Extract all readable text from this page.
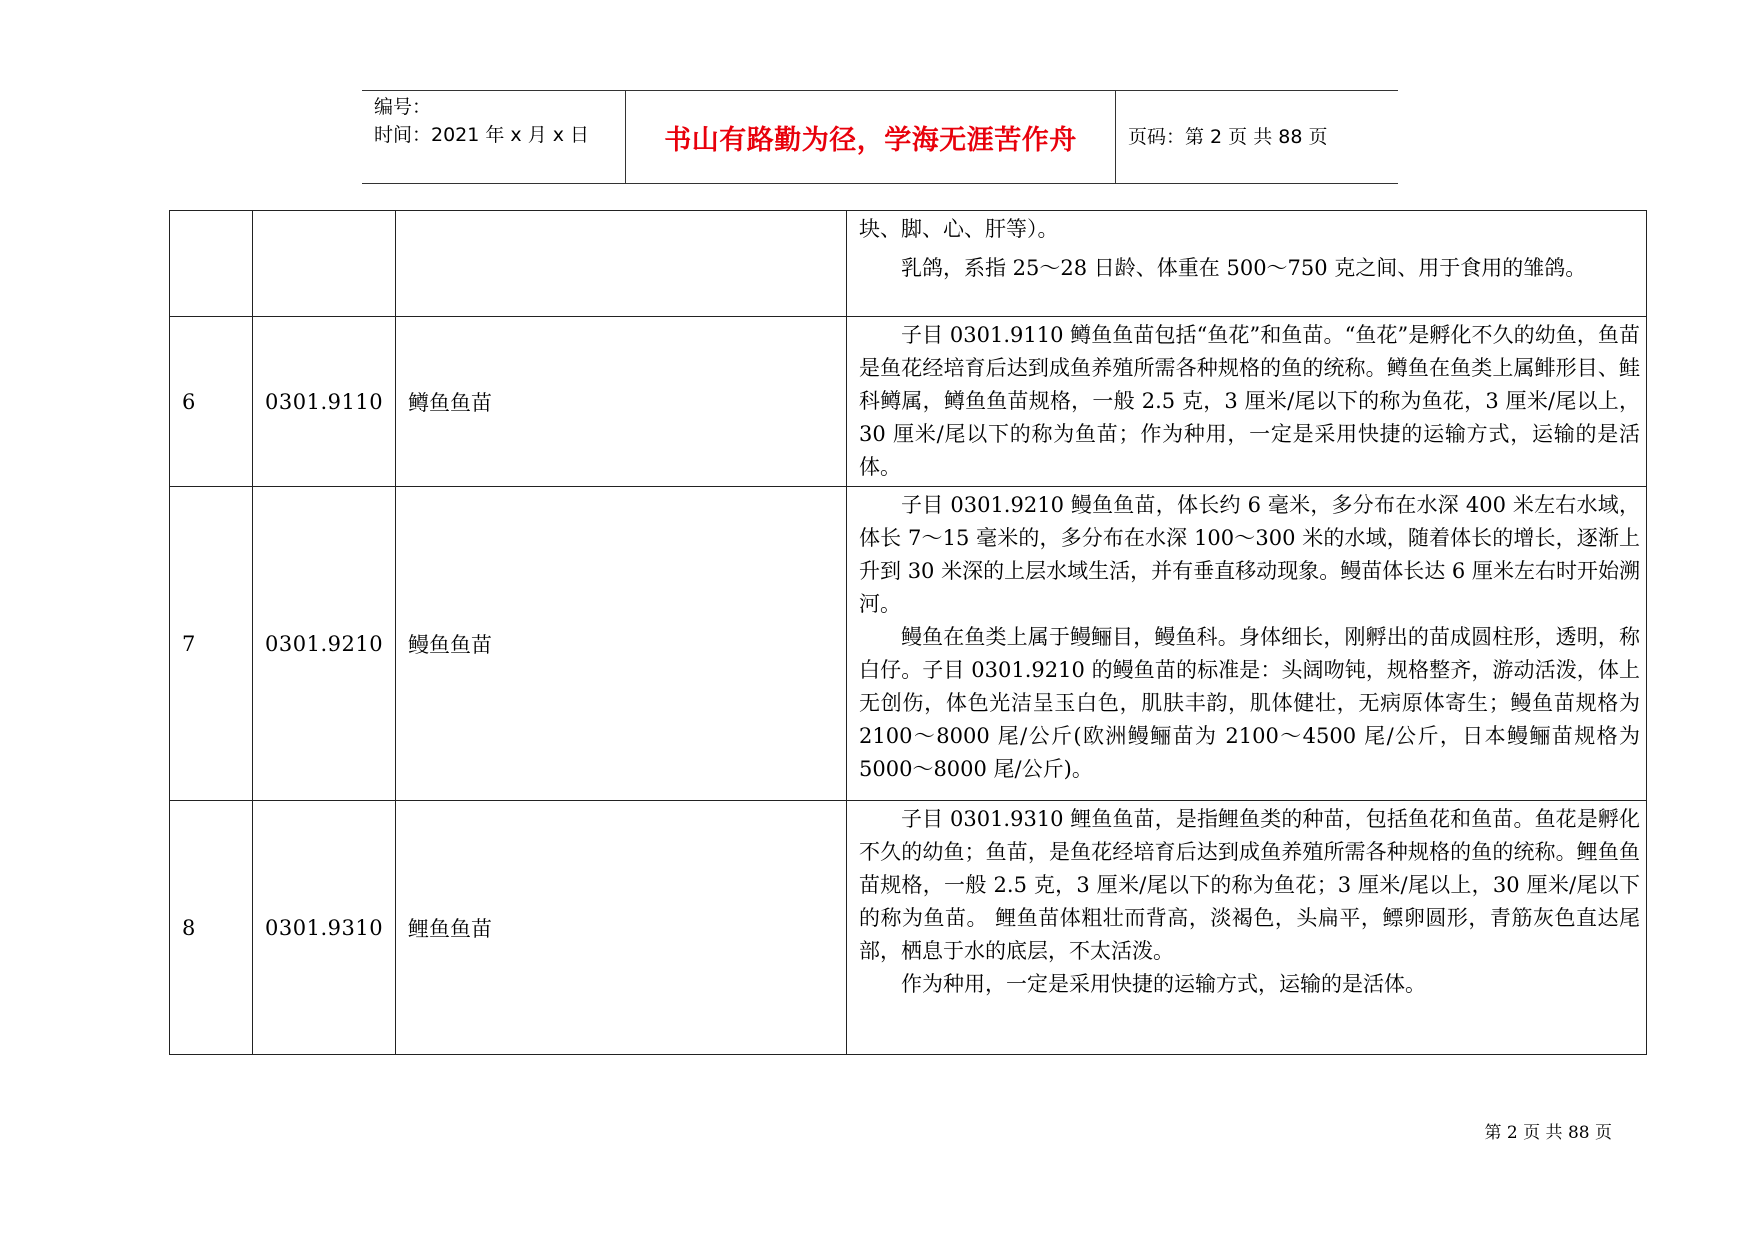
编号：
时间：2021 年 x 月 x 日	书山有路勤为径，学海无涯苦作舟	页码：第 2 页 共 88 页

			块、脚、心、肝等）。
乳鸽，系指 25～28 日龄、体重在 500～750 克之间、用于食用的雏鸽。

6	0301.9110	鳟鱼鱼苗	子目 0301.9110 鳟鱼鱼苗包括“鱼花”和鱼苗。“鱼花”是孵化不久的幼鱼，鱼苗是鱼花经培育后达到成鱼养殖所需各种规格的鱼的统称。鳟鱼在鱼类上属鲱形目、鲑科鳟属，鳟鱼鱼苗规格，一般 2.5 克，3 厘米/尾以下的称为鱼花，3 厘米/尾以上，30 厘米/尾以下的称为鱼苗；作为种用，一定是采用快捷的运输方式，运输的是活体。

7	0301.9210	鳗鱼鱼苗	子目 0301.9210 鳗鱼鱼苗，体长约 6 毫米，多分布在水深 400 米左右水域，体长 7～15 毫米的，多分布在水深 100～300 米的水域，随着体长的增长，逐渐上升到 30 米深的上层水域生活，并有垂直移动现象。鳗苗体长达 6 厘米左右时开始溯河。
鳗鱼在鱼类上属于鳗鲡目，鳗鱼科。身体细长，刚孵出的苗成圆柱形，透明，称白仔。子目 0301.9210 的鳗鱼苗的标准是：头阔吻钝，规格整齐，游动活泼，体上无创伤，体色光洁呈玉白色，肌肤丰韵，肌体健壮，无病原体寄生；鳗鱼苗规格为 2100～8000 尾/公斤(欧洲鳗鲡苗为 2100～4500 尾/公斤，日本鳗鲡苗规格为 5000～8000 尾/公斤)。

8	0301.9310	鲤鱼鱼苗	子目 0301.9310 鲤鱼鱼苗，是指鲤鱼类的种苗，包括鱼花和鱼苗。鱼花是孵化不久的幼鱼；鱼苗，是鱼花经培育后达到成鱼养殖所需各种规格的鱼的统称。鲤鱼鱼苗规格，一般 2.5 克，3 厘米/尾以下的称为鱼花；3 厘米/尾以上，30 厘米/尾以下的称为鱼苗。 鲤鱼苗体粗壮而背高，淡褐色，头扁平，鳔卵圆形，青筋灰色直达尾部，栖息于水的底层，不太活泼。
作为种用，一定是采用快捷的运输方式，运输的是活体。
第 2 页 共 88 页
